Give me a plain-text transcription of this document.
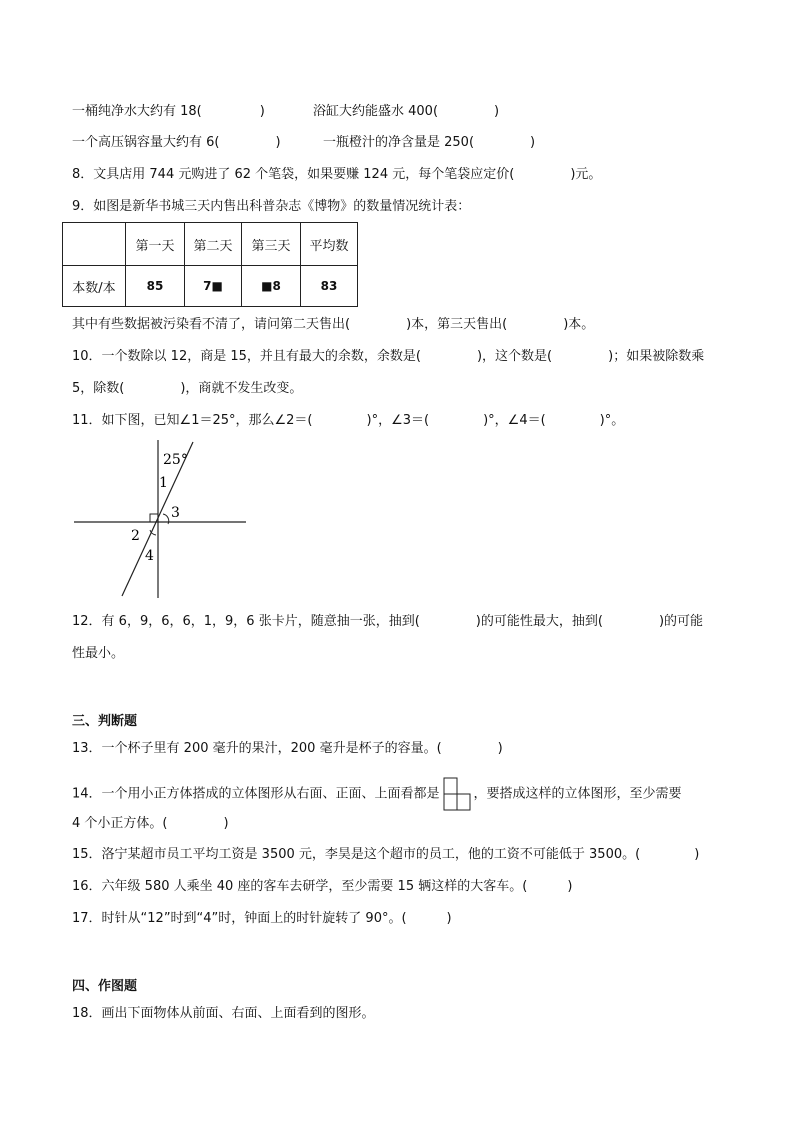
一桶纯净水大约有 18(	)	浴缸大约能盛水 400(	)
一个高压锅容量大约有 6(	)	一瓶橙汁的净含量是 250(	)
8．文具店用 744 元购进了 62 个笔袋，如果要赚 124 元，每个笔袋应定价(	)元。
9．如图是新华书城三天内售出科普杂志《博物》的数量情况统计表：
	第一天	第二天	第三天	平均数
本数/本	85	7■	■8	83
其中有些数据被污染看不清了，请问第二天售出(	)本，第三天售出(	)本。
10．一个数除以 12，商是 15，并且有最大的余数，余数是(	)，这个数是(	)；如果被除数乘
5，除数(	)，商就不发生改变。
11．如下图，已知∠1＝25°，那么∠2＝(	)°，∠3＝(	)°，∠4＝(	)°。
25°
1
2
3
4
12．有 6，9，6，6，1，9，6 张卡片，随意抽一张，抽到(	)的可能性最大，抽到(	)的可能
性最小。
三、判断题
13．一个杯子里有 200 毫升的果汁，200 毫升是杯子的容量。(	)
14．一个用小正方体搭成的立体图形从右面、正面、上面看都是	，要搭成这样的立体图形，至少需要
4 个小正方体。(	)
15．洛宁某超市员工平均工资是 3500 元，李昊是这个超市的员工，他的工资不可能低于 3500。(	)
16．六年级 580 人乘坐 40 座的客车去研学，至少需要 15 辆这样的大客车。(	)
17．时针从“12”时到“4”时，钟面上的时针旋转了 90°。(	)
四、作图题
18．画出下面物体从前面、右面、上面看到的图形。
